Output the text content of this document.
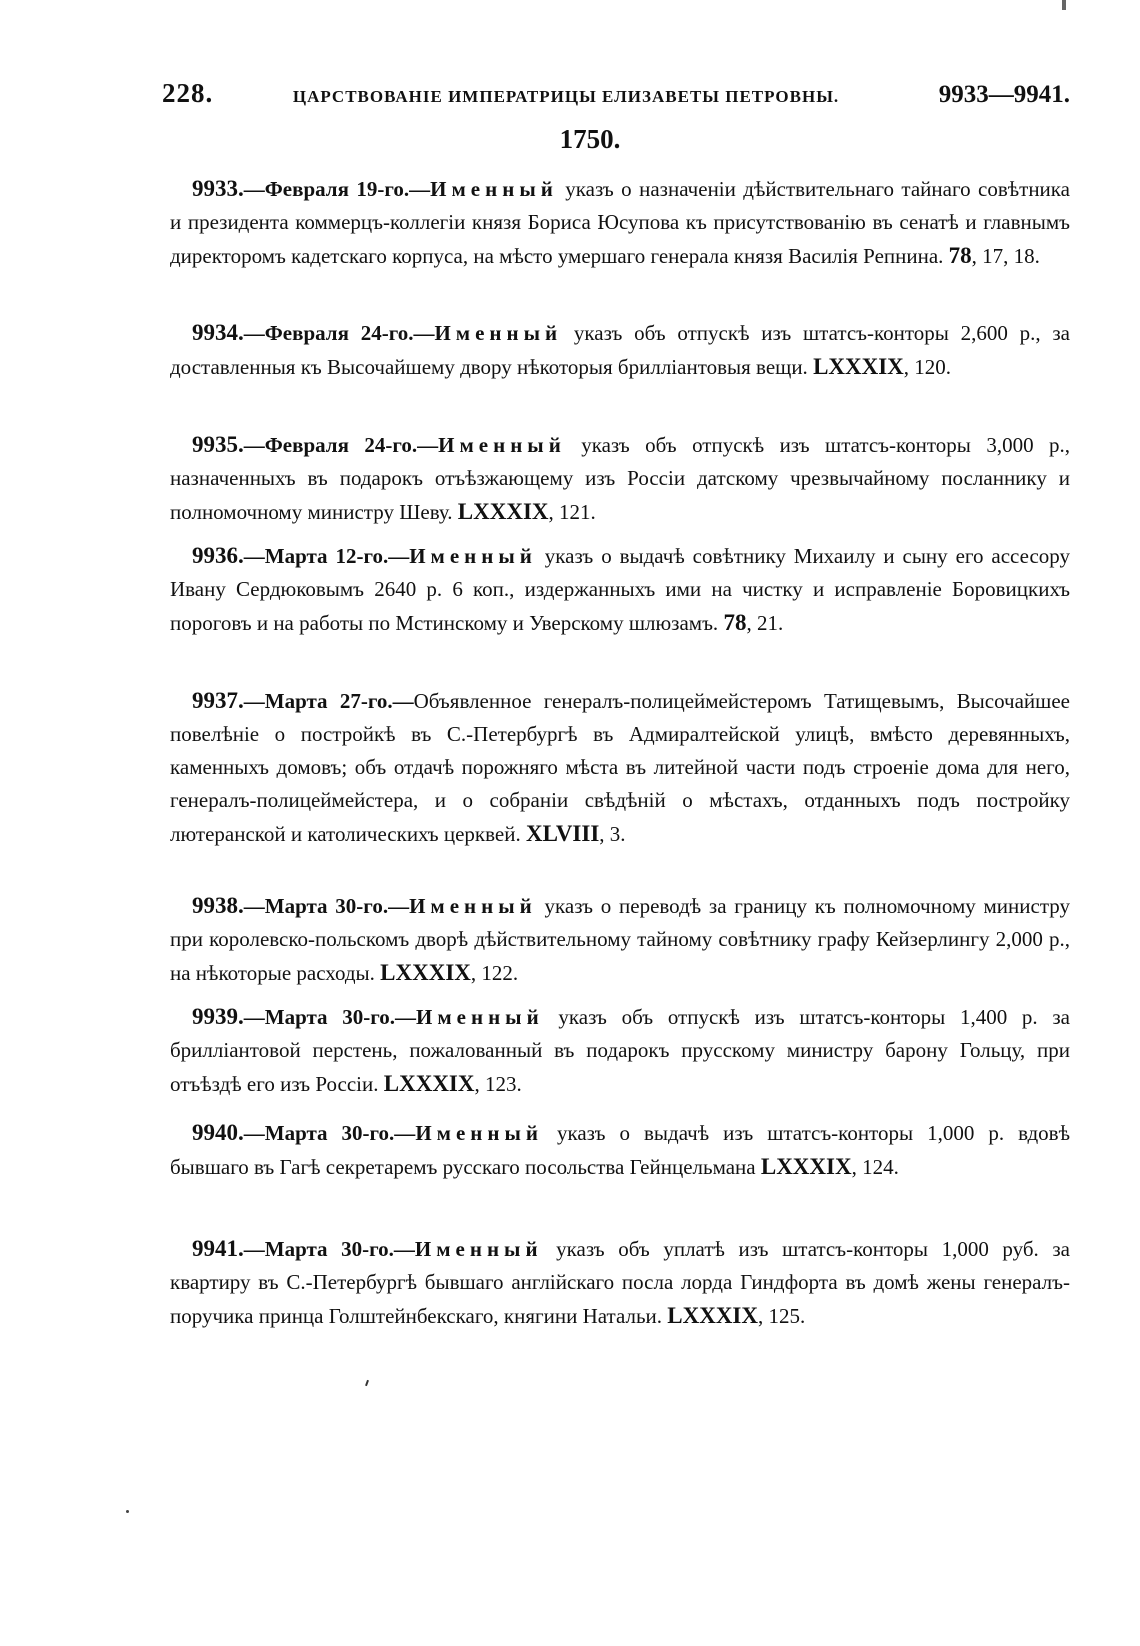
228.	ЦАРСТВОВАНIЕ ИМПЕРАТРИЦЫ ЕЛИЗАВЕТЫ ПЕТРОВНЫ.	9933—9941.
1750.
9933.—Февраля 19-го.—Именный указъ о назначенiи дѣйствительнаго тайнаго совѣтника и президента коммерцъ-коллегiи князя Бориса Юсупова къ присутствованiю въ сенатѣ и главнымъ директоромъ кадетскаго корпуса, на мѣсто умершаго генерала князя Василiя Репнина. 78, 17, 18.
9934.—Февраля 24-го.—Именный указъ объ отпускѣ изъ штатсъ-конторы 2,600 р., за доставленныя къ Высочайшему двору нѣкоторыя бриллiантовыя вещи. LXXXIX, 120.
9935.—Февраля 24-го.—Именный указъ объ отпускѣ изъ штатсъ-конторы 3,000 р., назначенныхъ въ подарокъ отъѣзжающему изъ Россiи датскому чрезвычайному посланнику и полномочному министру Шеву. LXXXIX, 121.
9936.—Марта 12-го.—Именный указъ о выдачѣ совѣтнику Михаилу и сыну его ассесору Ивану Сердюковымъ 2640 р. 6 коп., издержанныхъ ими на чистку и исправленiе Боровицкихъ пороговъ и на работы по Мстинскому и Уверскому шлюзамъ. 78, 21.
9937.—Марта 27-го.—Объявленное генералъ-полицеймейстеромъ Татищевымъ, Высочайшее повелѣнiе о постройкѣ въ С.-Петербургѣ въ Адмиралтейской улицѣ, вмѣсто деревянныхъ, каменныхъ домовъ; объ отдачѣ порожняго мѣста въ литейной части подъ строенiе дома для него, генералъ-полицеймейстера, и о собранiи свѣдѣнiй о мѣстахъ, отданныхъ подъ постройку лютеранской и католическихъ церквей. XLVIII, 3.
9938.—Марта 30-го.—Именный указъ о переводѣ за границу къ полномочному министру при королевско-польскомъ дворѣ дѣйствительному тайному совѣтнику графу Кейзерлингу 2,000 р., на нѣкоторые расходы. LXXXIX, 122.
9939.—Марта 30-го.—Именный указъ объ отпускѣ изъ штатсъ-конторы 1,400 р. за бриллiантовой перстень, пожалованный въ подарокъ прусскому министру барону Гольцу, при отъѣздѣ его изъ Россiи. LXXXIX, 123.
9940.—Марта 30-го.—Именный указъ о выдачѣ изъ штатсъ-конторы 1,000 р. вдовѣ бывшаго въ Гагѣ секретаремъ русскаго посольства Гейнцельмана LXXXIX, 124.
9941.—Марта 30-го.—Именный указъ объ уплатѣ изъ штатсъ-конторы 1,000 руб. за квартиру въ С.-Петербургѣ бывшаго англiйскаго посла лорда Гиндфорта въ домѣ жены генералъ-поручика принца Голштейнбекскаго, княгини Натальи. LXXXIX, 125.
